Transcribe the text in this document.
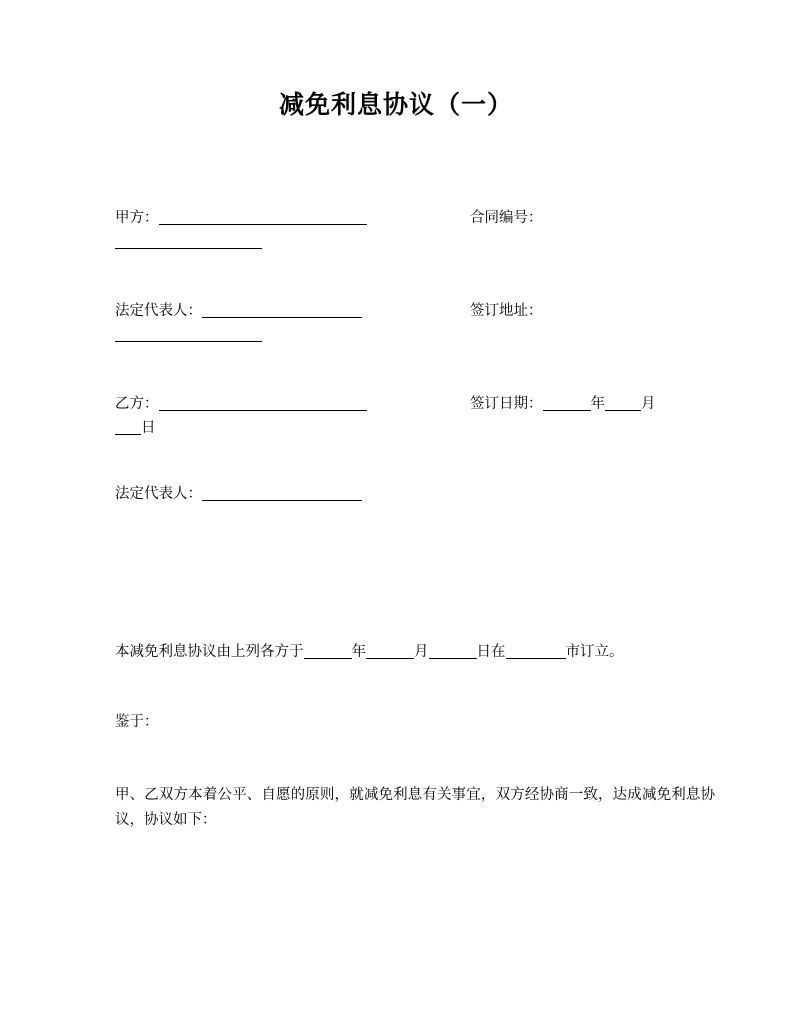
减免利息协议（一）
甲方：	合同编号：
法定代表人：	签订地址：
乙方：	签订日期：	年 月
日
法定代表人：

本减免利息协议由上列各方于	年	月	日在	市订立。

鉴于：

甲、乙双方本着公平、自愿的原则，就减免利息有关事宜，双方经协商一致，达成减免利息协议，协议如下：
